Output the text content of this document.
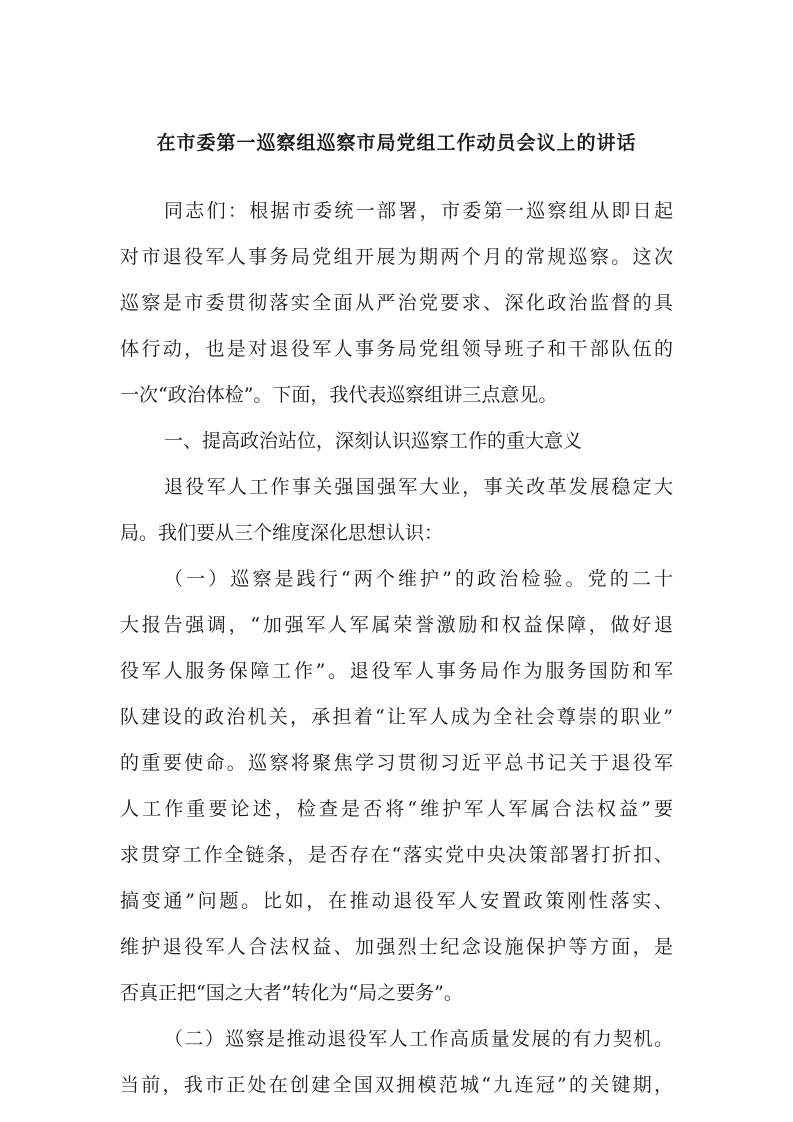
在市委第一巡察组巡察市局党组工作动员会议上的讲话
同志们：根据市委统一部署，市委第一巡察组从即日起
对市退役军人事务局党组开展为期两个月的常规巡察。这次
巡察是市委贯彻落实全面从严治党要求、深化政治监督的具
体行动，也是对退役军人事务局党组领导班子和干部队伍的
一次“政治体检”。下面，我代表巡察组讲三点意见。
一、提高政治站位，深刻认识巡察工作的重大意义
退役军人工作事关强国强军大业，事关改革发展稳定大
局。我们要从三个维度深化思想认识：
（一）巡察是践行“两个维护”的政治检验。党的二十
大报告强调，“加强军人军属荣誉激励和权益保障，做好退
役军人服务保障工作”。退役军人事务局作为服务国防和军
队建设的政治机关，承担着“让军人成为全社会尊崇的职业”
的重要使命。巡察将聚焦学习贯彻习近平总书记关于退役军
人工作重要论述，检查是否将“维护军人军属合法权益”要
求贯穿工作全链条，是否存在“落实党中央决策部署打折扣、
搞变通”问题。比如，在推动退役军人安置政策刚性落实、
维护退役军人合法权益、加强烈士纪念设施保护等方面，是
否真正把“国之大者”转化为“局之要务”。
（二）巡察是推动退役军人工作高质量发展的有力契机。
当前，我市正处在创建全国双拥模范城“九连冠”的关键期，
